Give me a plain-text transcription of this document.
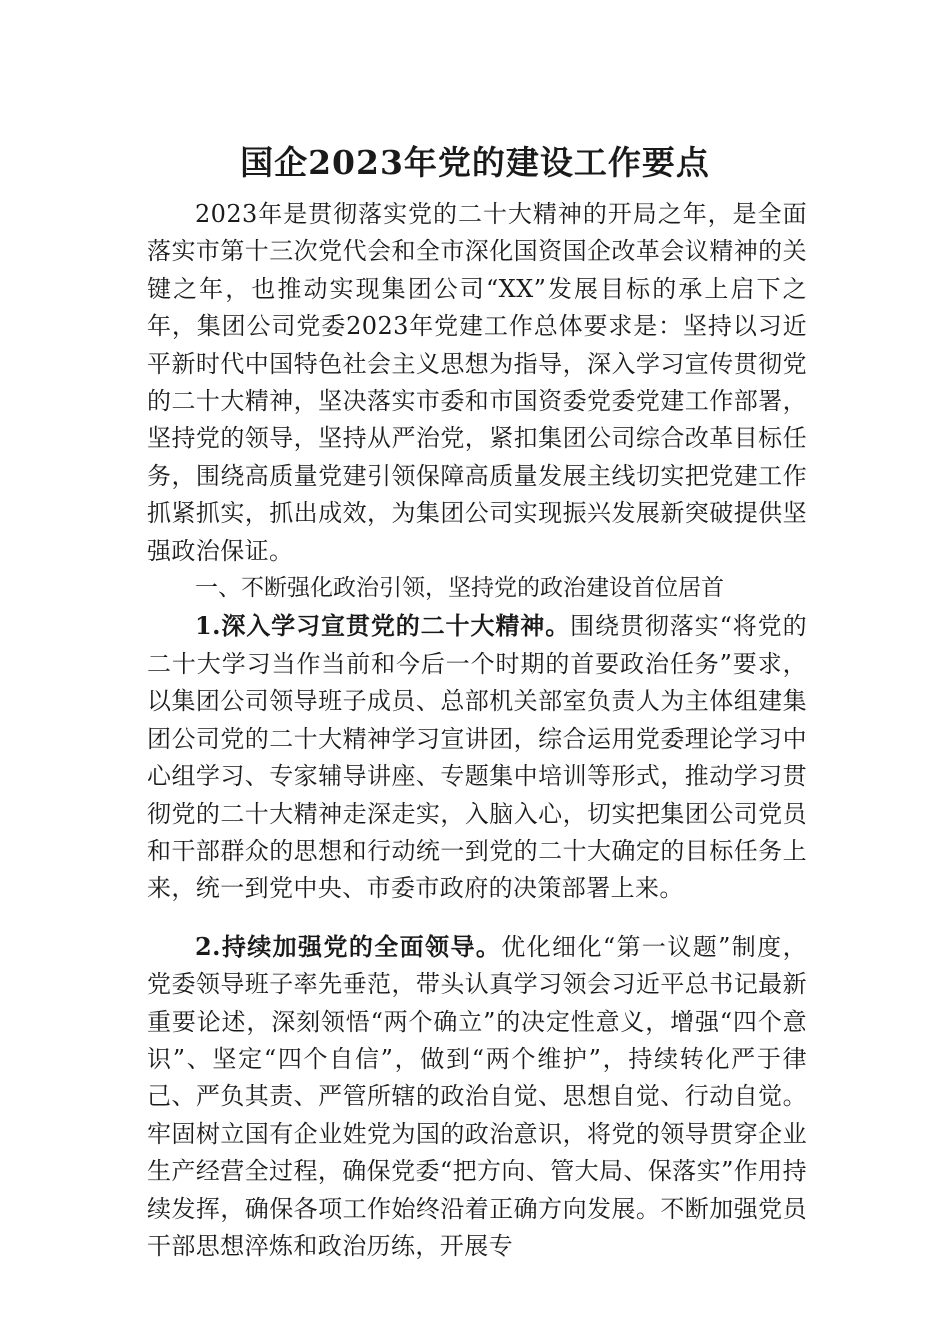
国企2023年党的建设工作要点

2023年是贯彻落实党的二十大精神的开局之年，是全面落实市第十三次党代会和全市深化国资国企改革会议精神的关键之年，也推动实现集团公司“XX”发展目标的承上启下之年，集团公司党委2023年党建工作总体要求是：坚持以习近平新时代中国特色社会主义思想为指导，深入学习宣传贯彻党的二十大精神，坚决落实市委和市国资委党委党建工作部署，坚持党的领导，坚持从严治党，紧扣集团公司综合改革目标任务，围绕高质量党建引领保障高质量发展主线切实把党建工作抓紧抓实，抓出成效，为集团公司实现振兴发展新突破提供坚强政治保证。

一、不断强化政治引领，坚持党的政治建设首位居首

1.深入学习宣贯党的二十大精神。围绕贯彻落实“将党的二十大学习当作当前和今后一个时期的首要政治任务”要求，以集团公司领导班子成员、总部机关部室负责人为主体组建集团公司党的二十大精神学习宣讲团，综合运用党委理论学习中心组学习、专家辅导讲座、专题集中培训等形式，推动学习贯彻党的二十大精神走深走实，入脑入心，切实把集团公司党员和干部群众的思想和行动统一到党的二十大确定的目标任务上来，统一到党中央、市委市政府的决策部署上来。

2.持续加强党的全面领导。优化细化“第一议题”制度，党委领导班子率先垂范，带头认真学习领会习近平总书记最新重要论述，深刻领悟“两个确立”的决定性意义，增强“四个意识”、坚定“四个自信”，做到“两个维护”，持续转化严于律己、严负其责、严管所辖的政治自觉、思想自觉、行动自觉。牢固树立国有企业姓党为国的政治意识，将党的领导贯穿企业生产经营全过程，确保党委“把方向、管大局、保落实”作用持续发挥，确保各项工作始终沿着正确方向发展。不断加强党员干部思想淬炼和政治历练，开展专
